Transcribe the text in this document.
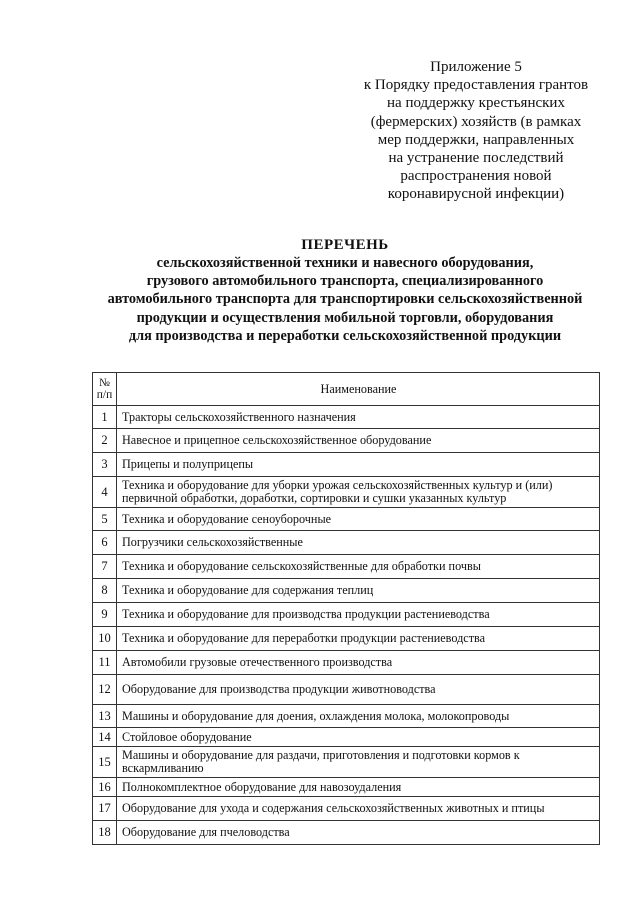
Приложение 5
к Порядку предоставления грантов
на поддержку крестьянских
(фермерских) хозяйств (в рамках
мер поддержки, направленных
на устранение последствий
распространения новой
коронавирусной инфекции)
ПЕРЕЧЕНЬ
сельскохозяйственной техники и навесного оборудования,
грузового автомобильного транспорта, специализированного
автомобильного транспорта для транспортировки сельскохозяйственной
продукции и осуществления мобильной торговли, оборудования
для производства и переработки сельскохозяйственной продукции
№ п/п	Наименование
1	Тракторы сельскохозяйственного назначения
2	Навесное и прицепное сельскохозяйственное оборудование
3	Прицепы и полуприцепы
4	Техника и оборудование для уборки урожая сельскохозяйственных культур и (или) первичной обработки, доработки, сортировки и сушки указанных культур
5	Техника и оборудование сеноуборочные
6	Погрузчики сельскохозяйственные
7	Техника и оборудование сельскохозяйственные для обработки почвы
8	Техника и оборудование для содержания теплиц
9	Техника и оборудование для производства продукции растениеводства
10	Техника и оборудование для переработки продукции растениеводства
11	Автомобили грузовые отечественного производства
12	Оборудование для производства продукции животноводства
13	Машины и оборудование для доения, охлаждения молока, молокопроводы
14	Стойловое оборудование
15	Машины и оборудование для раздачи, приготовления и подготовки кормов к вскармливанию
16	Полнокомплектное оборудование для навозоудаления
17	Оборудование для ухода и содержания сельскохозяйственных животных и птицы
18	Оборудование для пчеловодства
